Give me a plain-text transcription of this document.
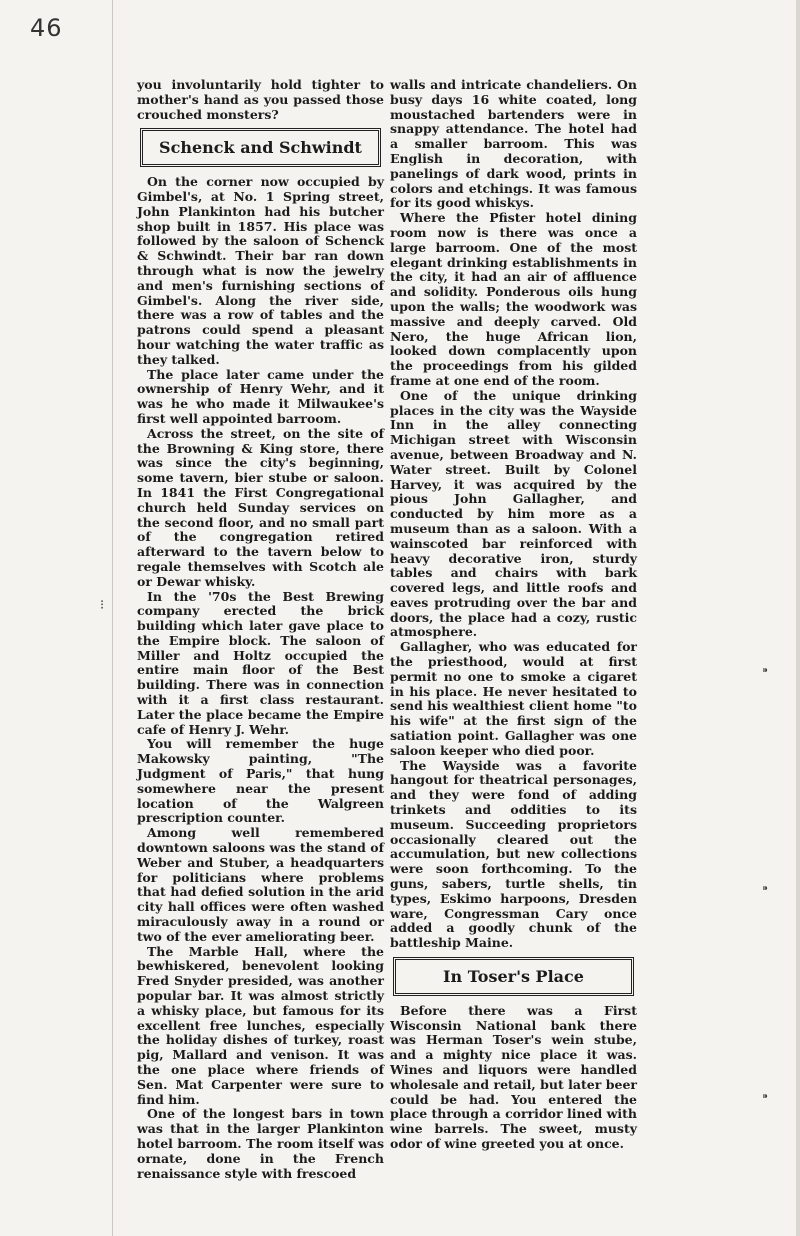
46
⁝
⁍
⁍
⁍

you involuntarily hold tighter to mother's hand as you passed those crouched monsters?

Schenck and Schwindt

On the corner now occupied by Gimbel's, at No. 1 Spring street, John Plankinton had his butcher shop built in 1857. His place was followed by the saloon of Schenck & Schwindt. Their bar ran down through what is now the jewelry and men's furnishing sections of Gimbel's. Along the river side, there was a row of tables and the patrons could spend a pleasant hour watching the water traffic as they talked.

The place later came under the ownership of Henry Wehr, and it was he who made it Milwaukee's first well appointed barroom.

Across the street, on the site of the Browning & King store, there was since the city's beginning, some tavern, bier stube or saloon. In 1841 the First Congregational church held Sunday services on the second floor, and no small part of the congregation retired afterward to the tavern below to regale themselves with Scotch ale or Dewar whisky.

In the '70s the Best Brewing company erected the brick building which later gave place to the Empire block. The saloon of Miller and Holtz occupied the entire main floor of the Best building. There was in connection with it a first class restaurant. Later the place became the Empire cafe of Henry J. Wehr.

You will remember the huge Makowsky painting, "The Judgment of Paris," that hung somewhere near the present location of the Walgreen prescription counter.

Among well remembered downtown saloons was the stand of Weber and Stuber, a headquarters for politicians where problems that had defied solution in the arid city hall offices were often washed miraculously away in a round or two of the ever ameliorating beer.

The Marble Hall, where the bewhiskered, benevolent looking Fred Snyder presided, was another popular bar. It was almost strictly a whisky place, but famous for its excellent free lunches, especially the holiday dishes of turkey, roast pig, Mallard and venison. It was the one place where friends of Sen. Mat Carpenter were sure to find him.

One of the longest bars in town was that in the larger Plankinton hotel barroom. The room itself was ornate, done in the French renaissance style with frescoed

walls and intricate chandeliers. On busy days 16 white coated, long moustached bartenders were in snappy attendance. The hotel had a smaller barroom. This was English in decoration, with panelings of dark wood, prints in colors and etchings. It was famous for its good whiskys.

Where the Pfister hotel dining room now is there was once a large barroom. One of the most elegant drinking establishments in the city, it had an air of affluence and solidity. Ponderous oils hung upon the walls; the woodwork was massive and deeply carved. Old Nero, the huge African lion, looked down complacently upon the proceedings from his gilded frame at one end of the room.

One of the unique drinking places in the city was the Wayside Inn in the alley connecting Michigan street with Wisconsin avenue, between Broadway and N. Water street. Built by Colonel Harvey, it was acquired by the pious John Gallagher, and conducted by him more as a museum than as a saloon. With a wainscoted bar reinforced with heavy decorative iron, sturdy tables and chairs with bark covered legs, and little roofs and eaves protruding over the bar and doors, the place had a cozy, rustic atmosphere.

Gallagher, who was educated for the priesthood, would at first permit no one to smoke a cigaret in his place. He never hesitated to send his wealthiest client home "to his wife" at the first sign of the satiation point. Gallagher was one saloon keeper who died poor.

The Wayside was a favorite hangout for theatrical personages, and they were fond of adding trinkets and oddities to its museum. Succeeding proprietors occasionally cleared out the accumulation, but new collections were soon forthcoming. To the guns, sabers, turtle shells, tin types, Eskimo harpoons, Dresden ware, Congressman Cary once added a goodly chunk of the battleship Maine.

In Toser's Place

Before there was a First Wisconsin National bank there was Herman Toser's wein stube, and a mighty nice place it was. Wines and liquors were handled wholesale and retail, but later beer could be had. You entered the place through a corridor lined with wine barrels. The sweet, musty odor of wine greeted you at once.
